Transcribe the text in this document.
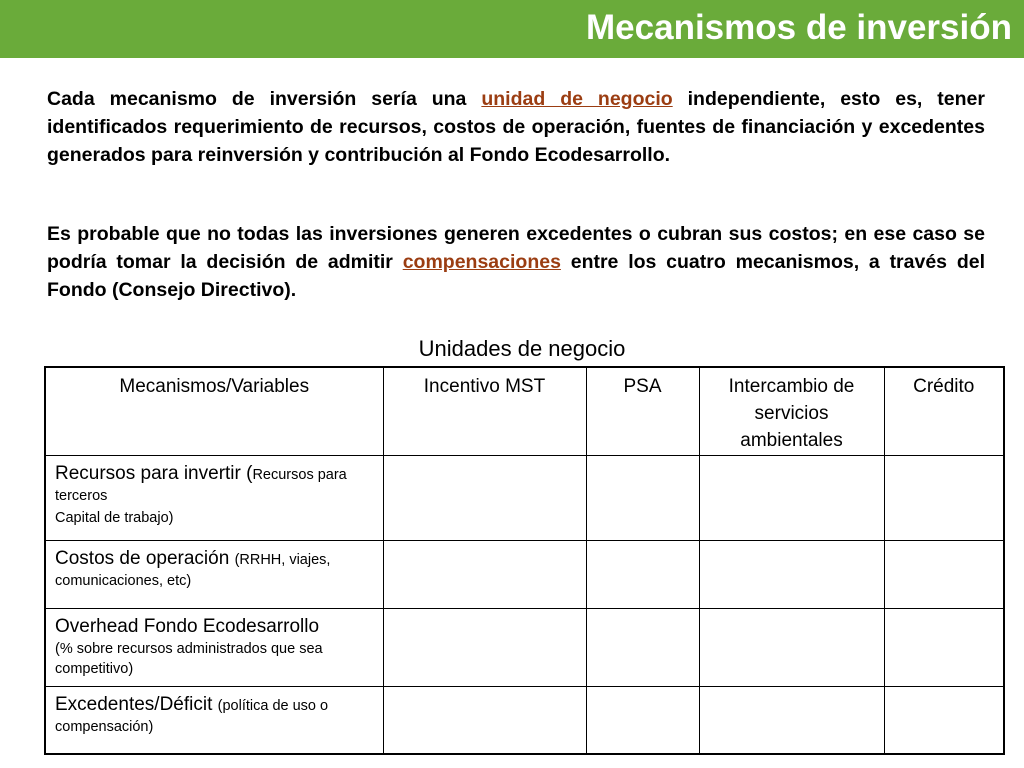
Mecanismos de inversión
Cada mecanismo de inversión sería una unidad de negocio independiente, esto es, tener identificados requerimiento de recursos, costos de operación, fuentes de financiación y excedentes generados para reinversión y contribución al Fondo Ecodesarrollo.
Es probable que no todas las inversiones generen excedentes o cubran sus costos; en ese caso se podría tomar la decisión de admitir compensaciones entre los cuatro mecanismos, a través del Fondo (Consejo Directivo).
Unidades de negocio
Mecanismos/Variables	Incentivo MST	PSA	Intercambio de servicios ambientales	Crédito
Recursos para invertir (Recursos para terceros
Capital de trabajo)				
Costos de operación (RRHH, viajes, comunicaciones, etc)				
Overhead Fondo Ecodesarrollo
(% sobre recursos administrados que sea competitivo)				
Excedentes/Déficit (política de uso o compensación)				
